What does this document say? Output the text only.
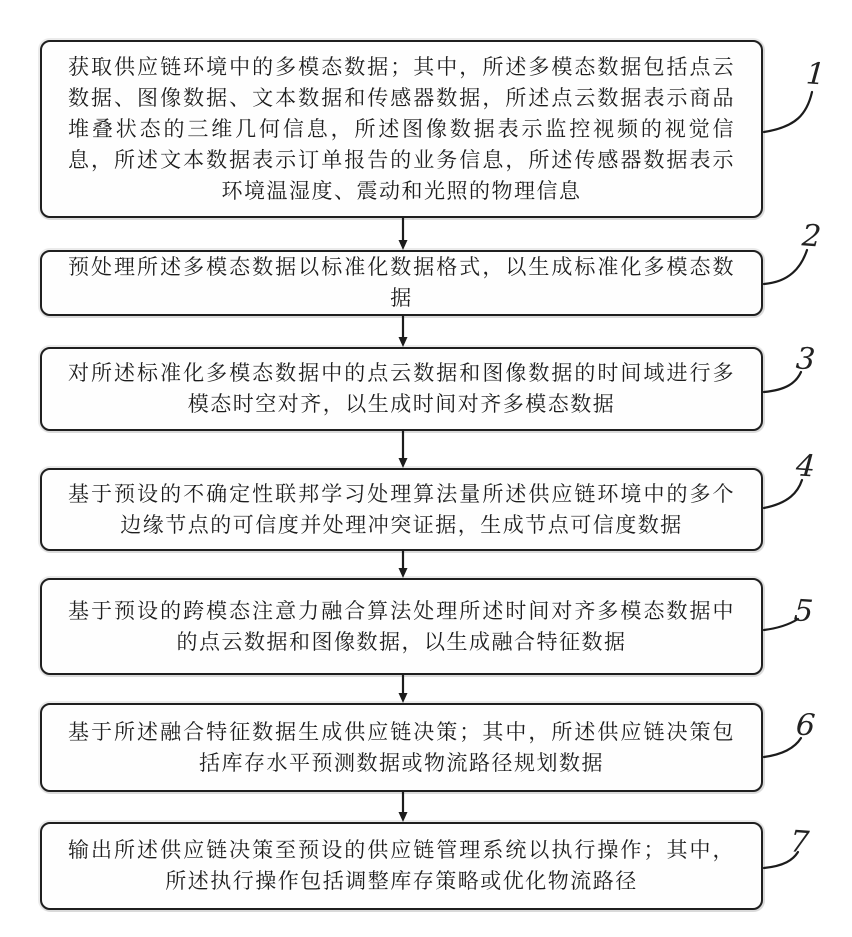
获取供应链环境中的多模态数据；其中，所述多模态数据包括点云数据、图像数据、文本数据和传感器数据，所述点云数据表示商品堆叠状态的三维几何信息，所述图像数据表示监控视频的视觉信息，所述文本数据表示订单报告的业务信息，所述传感器数据表示环境温湿度、震动和光照的物理信息
预处理所述多模态数据以标准化数据格式，以生成标准化多模态数据
对所述标准化多模态数据中的点云数据和图像数据的时间域进行多模态时空对齐，以生成时间对齐多模态数据
基于预设的不确定性联邦学习处理算法量所述供应链环境中的多个边缘节点的可信度并处理冲突证据，生成节点可信度数据
基于预设的跨模态注意力融合算法处理所述时间对齐多模态数据中的点云数据和图像数据，以生成融合特征数据
基于所述融合特征数据生成供应链决策；其中，所述供应链决策包括库存水平预测数据或物流路径规划数据
输出所述供应链决策至预设的供应链管理系统以执行操作；其中，所述执行操作包括调整库存策略或优化物流路径
1
2
3
4
5
6
7
